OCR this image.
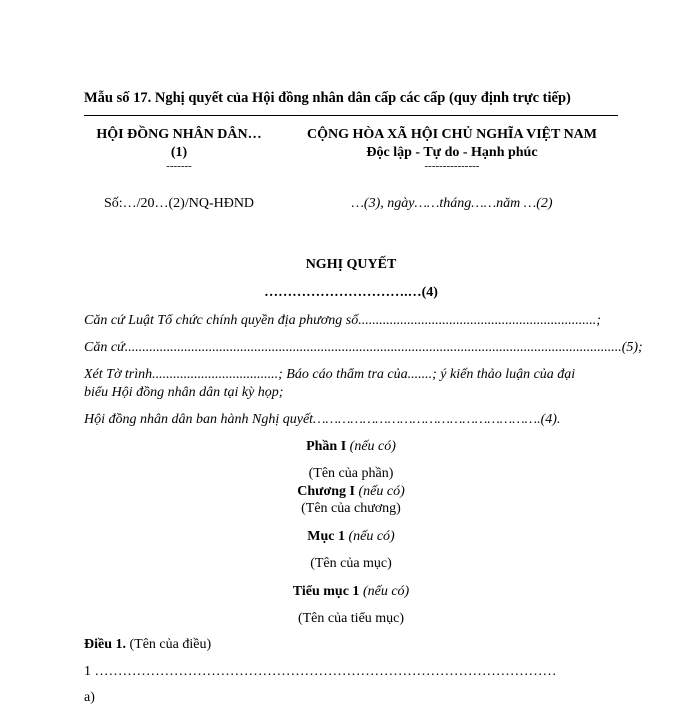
Mẫu số 17. Nghị quyết của Hội đồng nhân dân cấp các cấp (quy định trực tiếp)
HỘI ĐỒNG NHÂN DÂN…
(1)
-------
CỘNG HÒA XÃ HỘI CHỦ NGHĨA VIỆT NAM
Độc lập - Tự do - Hạnh phúc
---------------
Số:…/20…(2)/NQ-HĐND	…(3), ngày……tháng……năm …(2)
NGHỊ QUYẾT
………………………….…(4)
Căn cứ Luật Tổ chức chính quyền địa phương số....................................................................;
Căn cứ..............................................................................................................................................(5);
Xét Tờ trình....................................; Báo cáo thẩm tra của.......; ý kiến thảo luận của đại
biểu Hội đồng nhân dân tại kỳ họp;
Hội đồng nhân dân ban hành Nghị quyết……………………………………………….(4).
Phần I (nếu có)
(Tên của phần)
Chương I (nếu có)
(Tên của chương)
Mục 1 (nếu có)
(Tên của mục)
Tiểu mục 1 (nếu có)
(Tên của tiểu mục)
Điều 1. (Tên của điều)
1 ………………………………………………………………………………………
a)
